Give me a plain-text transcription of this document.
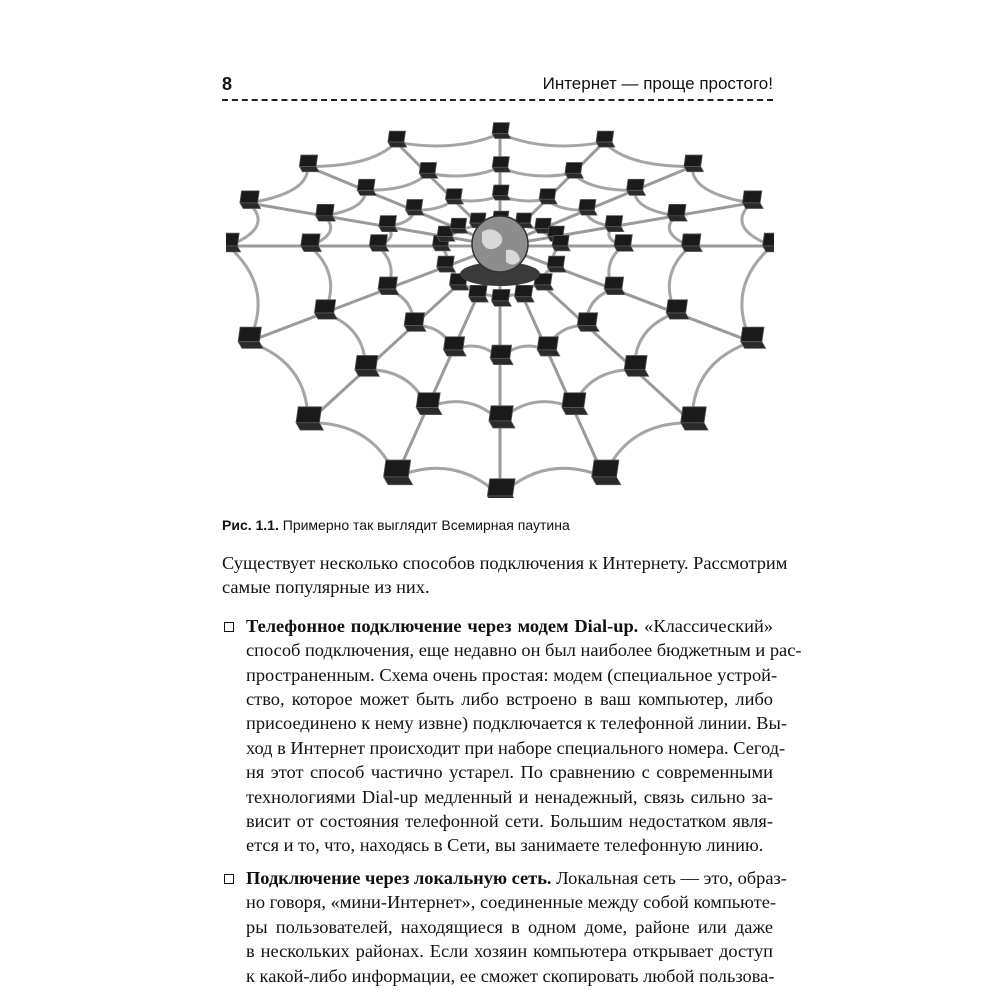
8	Интернет — проще простого!
Рис. 1.1. Примерно так выглядит Всемирная паутина

Существует несколько способов подключения к Интернету. Рассмотрим
самые популярные из них.

Телефонное подключение через модем Dial-up. «Классический»
способ подключения, еще недавно он был наиболее бюджетным и рас-
пространенным. Схема очень простая: модем (специальное устрой-
ство, которое может быть либо встроено в ваш компьютер, либо
присоединено к нему извне) подключается к телефонной линии. Вы-
ход в Интернет происходит при наборе специального номера. Сегод-
ня этот способ частично устарел. По сравнению с современными
технологиями Dial-up медленный и ненадежный, связь сильно за-
висит от состояния телефонной сети. Большим недостатком явля-
ется и то, что, находясь в Сети, вы занимаете телефонную линию.
Подключение через локальную сеть. Локальная сеть — это, образ-
но говоря, «мини-Интернет», соединенные между собой компьюте-
ры пользователей, находящиеся в одном доме, районе или даже
в нескольких районах. Если хозяин компьютера открывает доступ
к какой-либо информации, ее сможет скопировать любой пользова-
